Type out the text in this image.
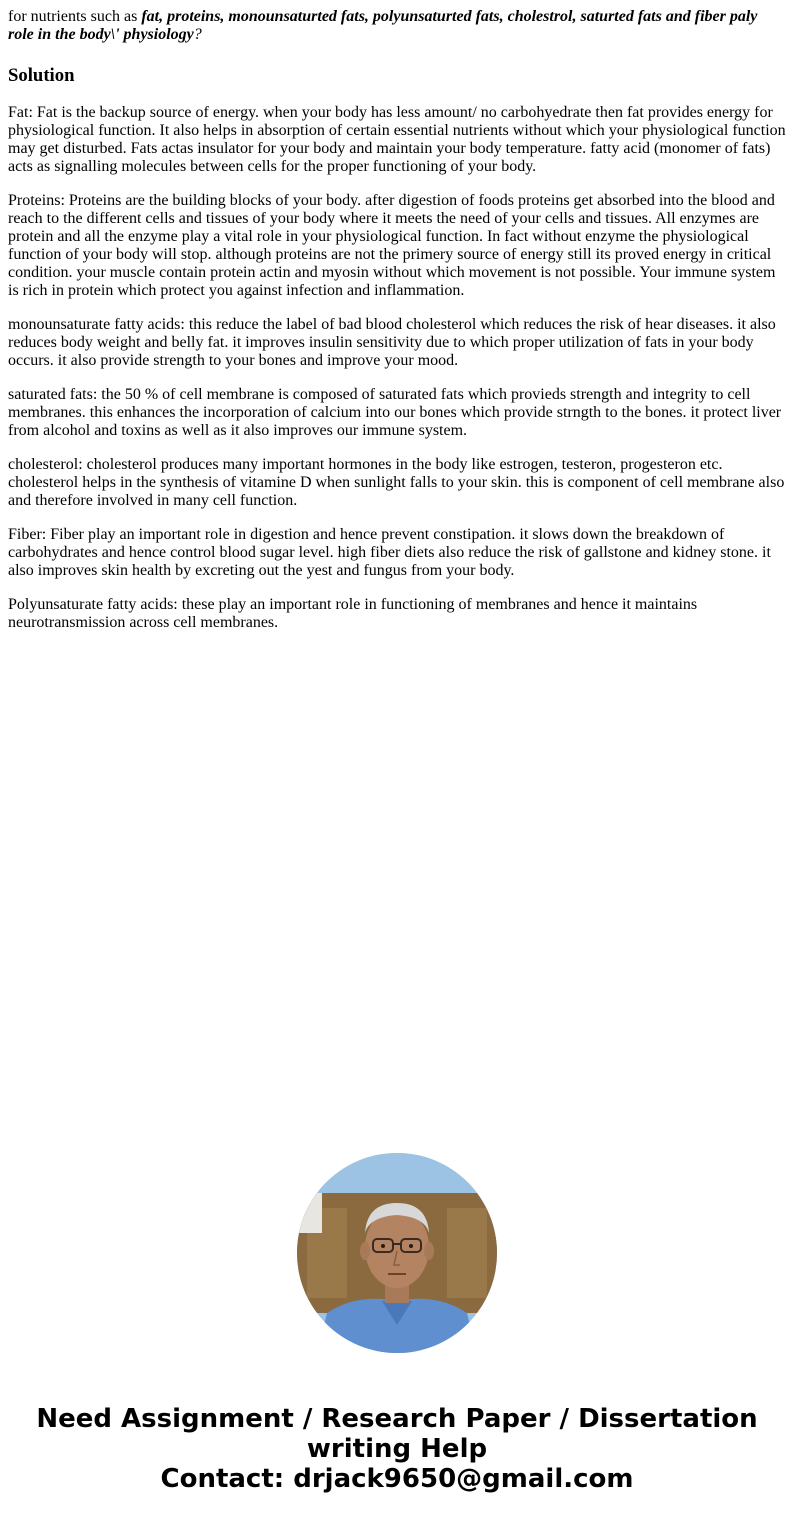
for nutrients such as fat, proteins, monounsaturted fats, polyunsaturted fats, cholestrol, saturted fats and fiber paly role in the body\' physiology?

Solution

Fat: Fat is the backup source of energy. when your body has less amount/ no carbohyedrate then fat provides energy for physiological function. It also helps in absorption of certain essential nutrients without which your physiological function may get disturbed. Fats actas insulator for your body and maintain your body temperature. fatty acid (monomer of fats) acts as signalling molecules between cells for the proper functioning of your body.

Proteins: Proteins are the building blocks of your body. after digestion of foods proteins get absorbed into the blood and reach to the different cells and tissues of your body where it meets the need of your cells and tissues. All enzymes are protein and all the enzyme play a vital role in your physiological function. In fact without enzyme the physiological function of your body will stop. although proteins are not the primery source of energy still its proved energy in critical condition. your muscle contain protein actin and myosin without which movement is not possible. Your immune system is rich in protein which protect you against infection and inflammation.

monounsaturate fatty acids: this reduce the label of bad blood cholesterol which reduces the risk of hear diseases. it also reduces body weight and belly fat. it improves insulin sensitivity due to which proper utilization of fats in your body occurs. it also provide strength to your bones and improve your mood.

saturated fats: the 50 % of cell membrane is composed of saturated fats which provieds strength and integrity to cell membranes. this enhances the incorporation of calcium into our bones which provide strngth to the bones. it protect liver from alcohol and toxins as well as it also improves our immune system.

cholesterol: cholesterol produces many important hormones in the body like estrogen, testeron, progesteron etc. cholesterol helps in the synthesis of vitamine D when sunlight falls to your skin. this is component of cell membrane also and therefore involved in many cell function.

Fiber: Fiber play an important role in digestion and hence prevent constipation. it slows down the breakdown of carbohydrates and hence control blood sugar level. high fiber diets also reduce the risk of gallstone and kidney stone. it also improves skin health by excreting out the yest and fungus from your body.

Polyunsaturate fatty acids: these play an important role in functioning of membranes and hence it maintains neurotransmission across cell membranes.

Need Assignment / Research Paper / Dissertation
writing Help
Contact: drjack9650@gmail.com
